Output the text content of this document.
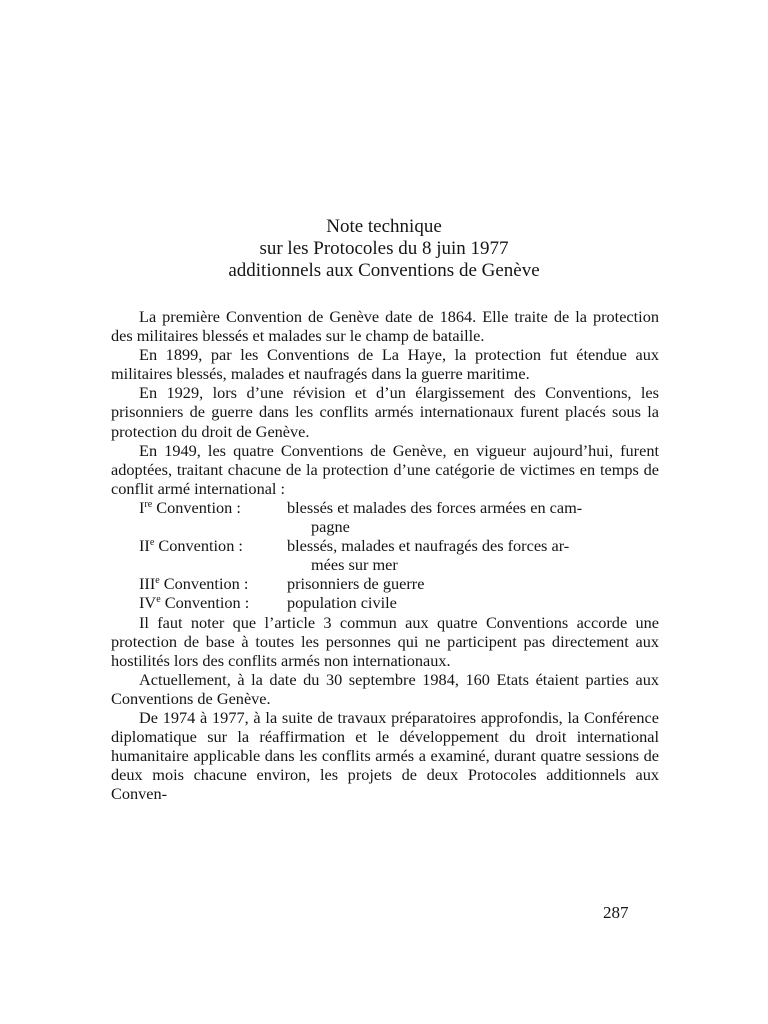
Note technique
sur les Protocoles du 8 juin 1977
additionnels aux Conventions de Genève

La première Convention de Genève date de 1864. Elle traite de la protection des militaires blessés et malades sur le champ de bataille.

En 1899, par les Conventions de La Haye, la protection fut étendue aux militaires blessés, malades et naufragés dans la guerre maritime.

En 1929, lors d’une révision et d’un élargissement des Conventions, les prisonniers de guerre dans les conflits armés internationaux furent placés sous la protection du droit de Genève.

En 1949, les quatre Conventions de Genève, en vigueur aujourd’hui, furent adoptées, traitant chacune de la protection d’une catégorie de victimes en temps de conflit armé international :

Ire Convention :	blessés et malades des forces armées en cam-
pagne
IIe Convention :	blessés, malades et naufragés des forces ar-
mées sur mer
IIIe Convention :	prisonniers de guerre
IVe Convention :	population civile

Il faut noter que l’article 3 commun aux quatre Conventions accorde une protection de base à toutes les personnes qui ne participent pas directement aux hostilités lors des conflits armés non internationaux.

Actuellement, à la date du 30 septembre 1984, 160 Etats étaient parties aux Conventions de Genève.

De 1974 à 1977, à la suite de travaux préparatoires approfondis, la Conférence diplomatique sur la réaffirmation et le développement du droit international humanitaire applicable dans les conflits armés a examiné, durant quatre sessions de deux mois chacune environ, les projets de deux Protocoles additionnels aux Conven-

287
